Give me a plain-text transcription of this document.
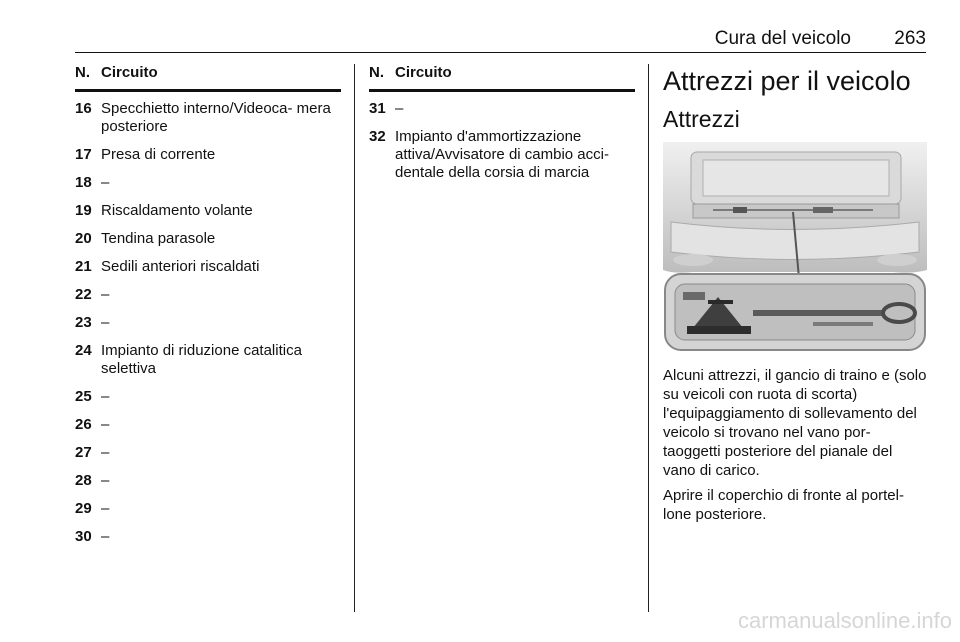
Cura del veicolo 263
N. Circuito
16 Specchietto interno/Videoca- mera posteriore
17 Presa di corrente
18 –
19 Riscaldamento volante
20 Tendina parasole
21 Sedili anteriori riscaldati
22 –
23 –
24 Impianto di riduzione catalitica selettiva
25 –
26 –
27 –
28 –
29 –
30 –
N. Circuito
31 –
32 Impianto d'ammortizzazione attiva/Avvisatore di cambio acci- dentale della corsia di marcia
Attrezzi per il veicolo
Attrezzi

Alcuni attrezzi, il gancio di traino e (solo su veicoli con ruota di scorta) l'equipaggiamento di sollevamento del veicolo si trovano nel vano por- taoggetti posteriore del pianale del vano di carico.

Aprire il coperchio di fronte al portel- lone posteriore.

carmanualsonline.info
